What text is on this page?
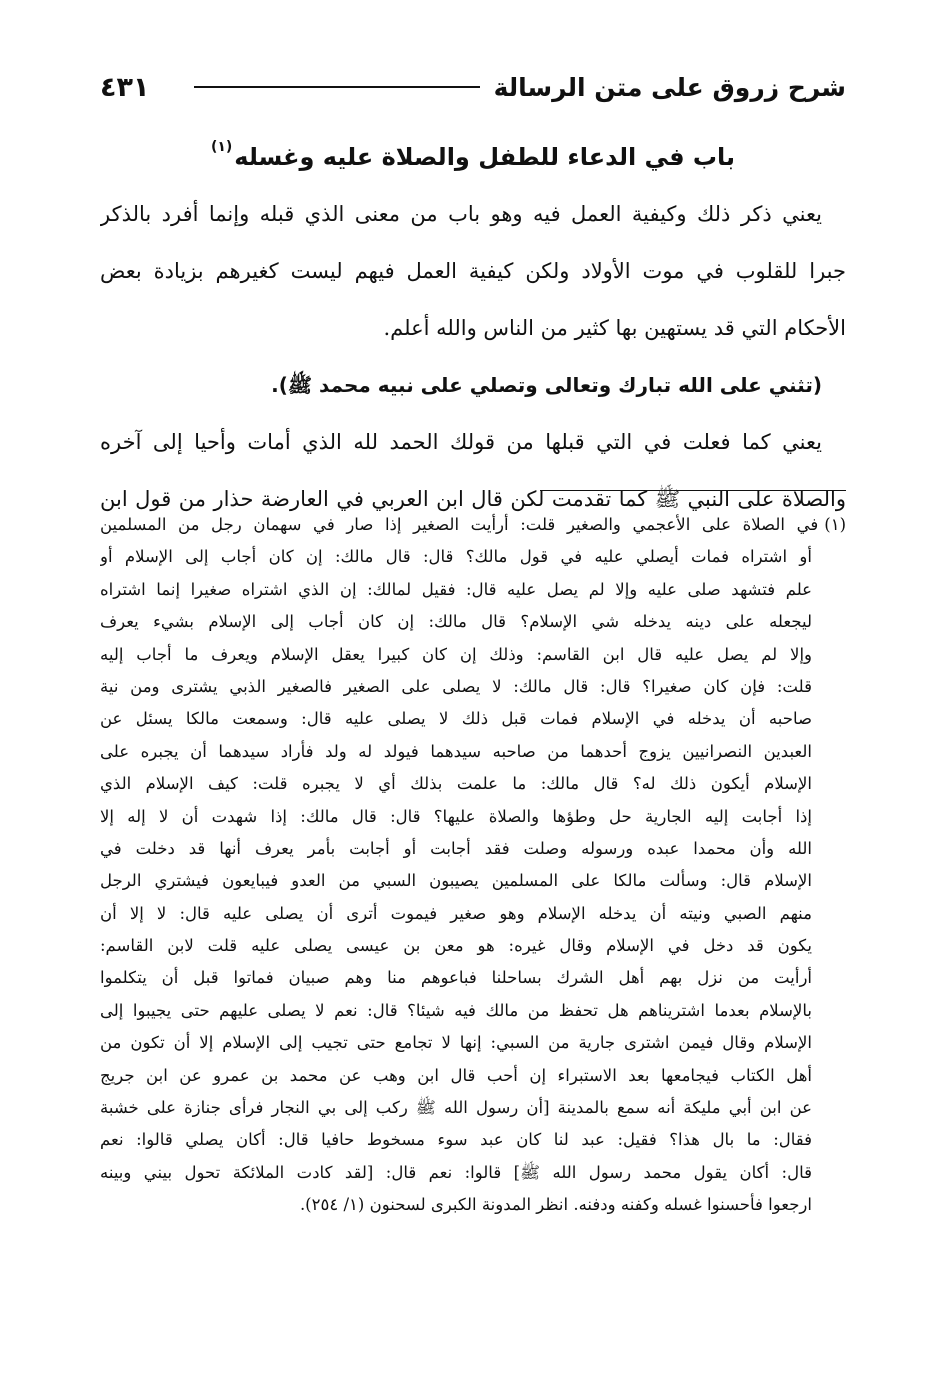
٤٣١	شرح زروق على متن الرسالة
باب في الدعاء للطفل والصلاة عليه وغسله$^{(١)}$
يعني ذكر ذلك وكيفية العمل فيه وهو باب من معنى الذي قبله وإنما أفرد بالذكر
جبرا للقلوب في موت الأولاد ولكن كيفية العمل فيهم ليست كغيرهم بزيادة بعض
الأحكام التي قد يستهين بها كثير من الناس والله أعلم.
(تثني على الله تبارك وتعالى وتصلي على نبيه محمد ﷺ).
يعني كما فعلت في التي قبلها من قولك الحمد لله الذي أمات وأحيا إلى آخره
والصلاة على النبي ﷺ كما تقدمت لكن قال ابن العربي في العارضة حذار من قول ابن
(١)في الصلاة على الأعجمي والصغير قلت: أرأيت الصغير إذا صار في سهمان رجل من المسلمين
أو اشتراه فمات أيصلي عليه في قول مالك؟ قال: قال مالك: إن كان أجاب إلى الإسلام أو
علم فتشهد صلى عليه وإلا لم يصل عليه قال: فقيل لمالك: إن الذي اشتراه صغيرا إنما اشتراه
ليجعله على دينه يدخله شي الإسلام؟ قال مالك: إن كان أجاب إلى الإسلام بشيء يعرف
وإلا لم يصل عليه قال ابن القاسم: وذلك إن كان كبيرا يعقل الإسلام ويعرف ما أجاب إليه
قلت: فإن كان صغيرا؟ قال: قال مالك: لا يصلى على الصغير فالصغير الذبي يشترى ومن نية
صاحبه أن يدخله في الإسلام فمات قبل ذلك لا يصلى عليه قال: وسمعت مالكا يسئل عن
العبدين النصرانيين يزوج أحدهما من صاحبه سيدهما فيولد له ولد فأراد سيدهما أن يجبره على
الإسلام أيكون ذلك له؟ قال مالك: ما علمت بذلك أي لا يجبره قلت: كيف الإسلام الذي
إذا أجابت إليه الجارية حل وطؤها والصلاة عليها؟ قال: قال مالك: إذا شهدت أن لا إله إلا
الله وأن محمدا عبده ورسوله وصلت فقد أجابت أو أجابت بأمر يعرف أنها قد دخلت في
الإسلام قال: وسألت مالكا على المسلمين يصيبون السبي من العدو فيبايعون فيشتري الرجل
منهم الصبي ونيته أن يدخله الإسلام وهو صغير فيموت أترى أن يصلى عليه قال: لا إلا أن
يكون قد دخل في الإسلام وقال غيره: هو معن بن عيسى يصلى عليه قلت لابن القاسم:
أرأيت من نزل بهم أهل الشرك بساحلنا فباعوهم منا وهم صبيان فماتوا قبل أن يتكلموا
بالإسلام بعدما اشتريناهم هل تحفظ من مالك فيه شيئا؟ قال: نعم لا يصلى عليهم حتى يجيبوا إلى
الإسلام وقال فيمن اشترى جارية من السبي: إنها لا تجامع حتى تجيب إلى الإسلام إلا أن تكون من
أهل الكتاب فيجامعها بعد الاستبراء إن أحب قال ابن وهب عن محمد بن عمرو عن ابن جريج
عن ابن أبي مليكة أنه سمع بالمدينة [أن رسول الله ﷺ ركب إلى بي النجار فرأى جنازة على خشبة
فقال: ما بال هذا؟ فقيل: عبد لنا كان عبد سوء مسخوط حافيا قال: أكان يصلي قالوا: نعم
قال: أكان يقول محمد رسول الله ﷺ] قالوا: نعم قال: [لقد كادت الملائكة تحول بيني وبينه
ارجعوا فأحسنوا غسله وكفنه ودفنه. انظر المدونة الكبرى لسحنون (١/ ٢٥٤).
